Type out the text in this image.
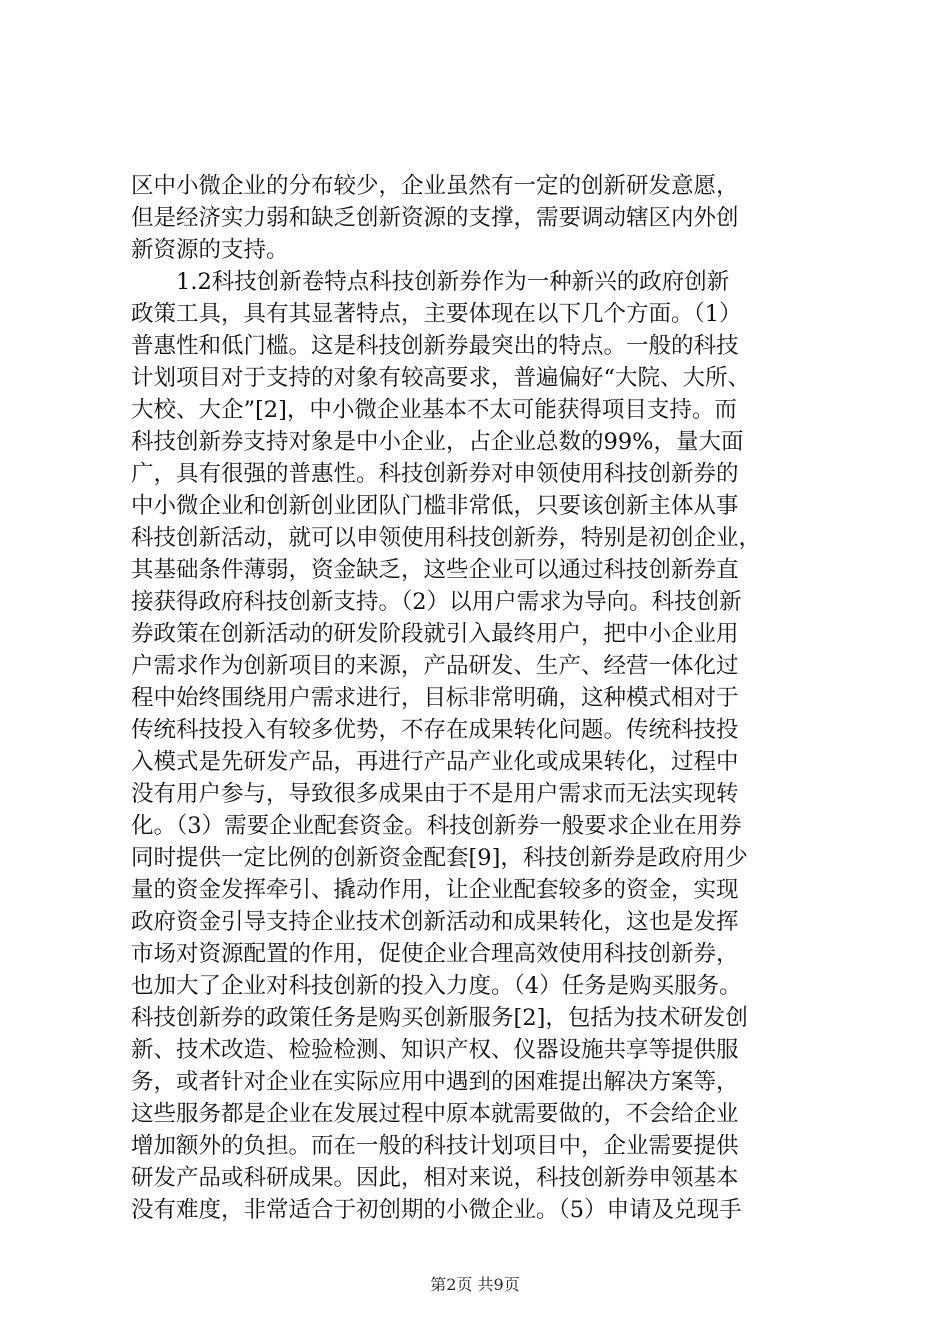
区中小微企业的分布较少，企业虽然有一定的创新研发意愿，
但是经济实力弱和缺乏创新资源的支撑，需要调动辖区内外创
新资源的支持。
　　1.2科技创新卷特点科技创新券作为一种新兴的政府创新
政策工具，具有其显著特点，主要体现在以下几个方面。（1）
普惠性和低门槛。这是科技创新券最突出的特点。一般的科技
计划项目对于支持的对象有较高要求，普遍偏好“大院、大所、
大校、大企”[2]，中小微企业基本不太可能获得项目支持。而
科技创新券支持对象是中小企业，占企业总数的99%，量大面
广，具有很强的普惠性。科技创新券对申领使用科技创新券的
中小微企业和创新创业团队门槛非常低，只要该创新主体从事
科技创新活动，就可以申领使用科技创新券，特别是初创企业，
其基础条件薄弱，资金缺乏，这些企业可以通过科技创新券直
接获得政府科技创新支持。（2）以用户需求为导向。科技创新
券政策在创新活动的研发阶段就引入最终用户，把中小企业用
户需求作为创新项目的来源，产品研发、生产、经营一体化过
程中始终围绕用户需求进行，目标非常明确，这种模式相对于
传统科技投入有较多优势，不存在成果转化问题。传统科技投
入模式是先研发产品，再进行产品产业化或成果转化，过程中
没有用户参与，导致很多成果由于不是用户需求而无法实现转
化。（3）需要企业配套资金。科技创新券一般要求企业在用券
同时提供一定比例的创新资金配套[9]，科技创新券是政府用少
量的资金发挥牵引、撬动作用，让企业配套较多的资金，实现
政府资金引导支持企业技术创新活动和成果转化，这也是发挥
市场对资源配置的作用，促使企业合理高效使用科技创新券，
也加大了企业对科技创新的投入力度。（4）任务是购买服务。
科技创新券的政策任务是购买创新服务[2]，包括为技术研发创
新、技术改造、检验检测、知识产权、仪器设施共享等提供服
务，或者针对企业在实际应用中遇到的困难提出解决方案等，
这些服务都是企业在发展过程中原本就需要做的，不会给企业
增加额外的负担。而在一般的科技计划项目中，企业需要提供
研发产品或科研成果。因此，相对来说，科技创新券申领基本
没有难度，非常适合于初创期的小微企业。（5）申请及兑现手
第2页 共9页
